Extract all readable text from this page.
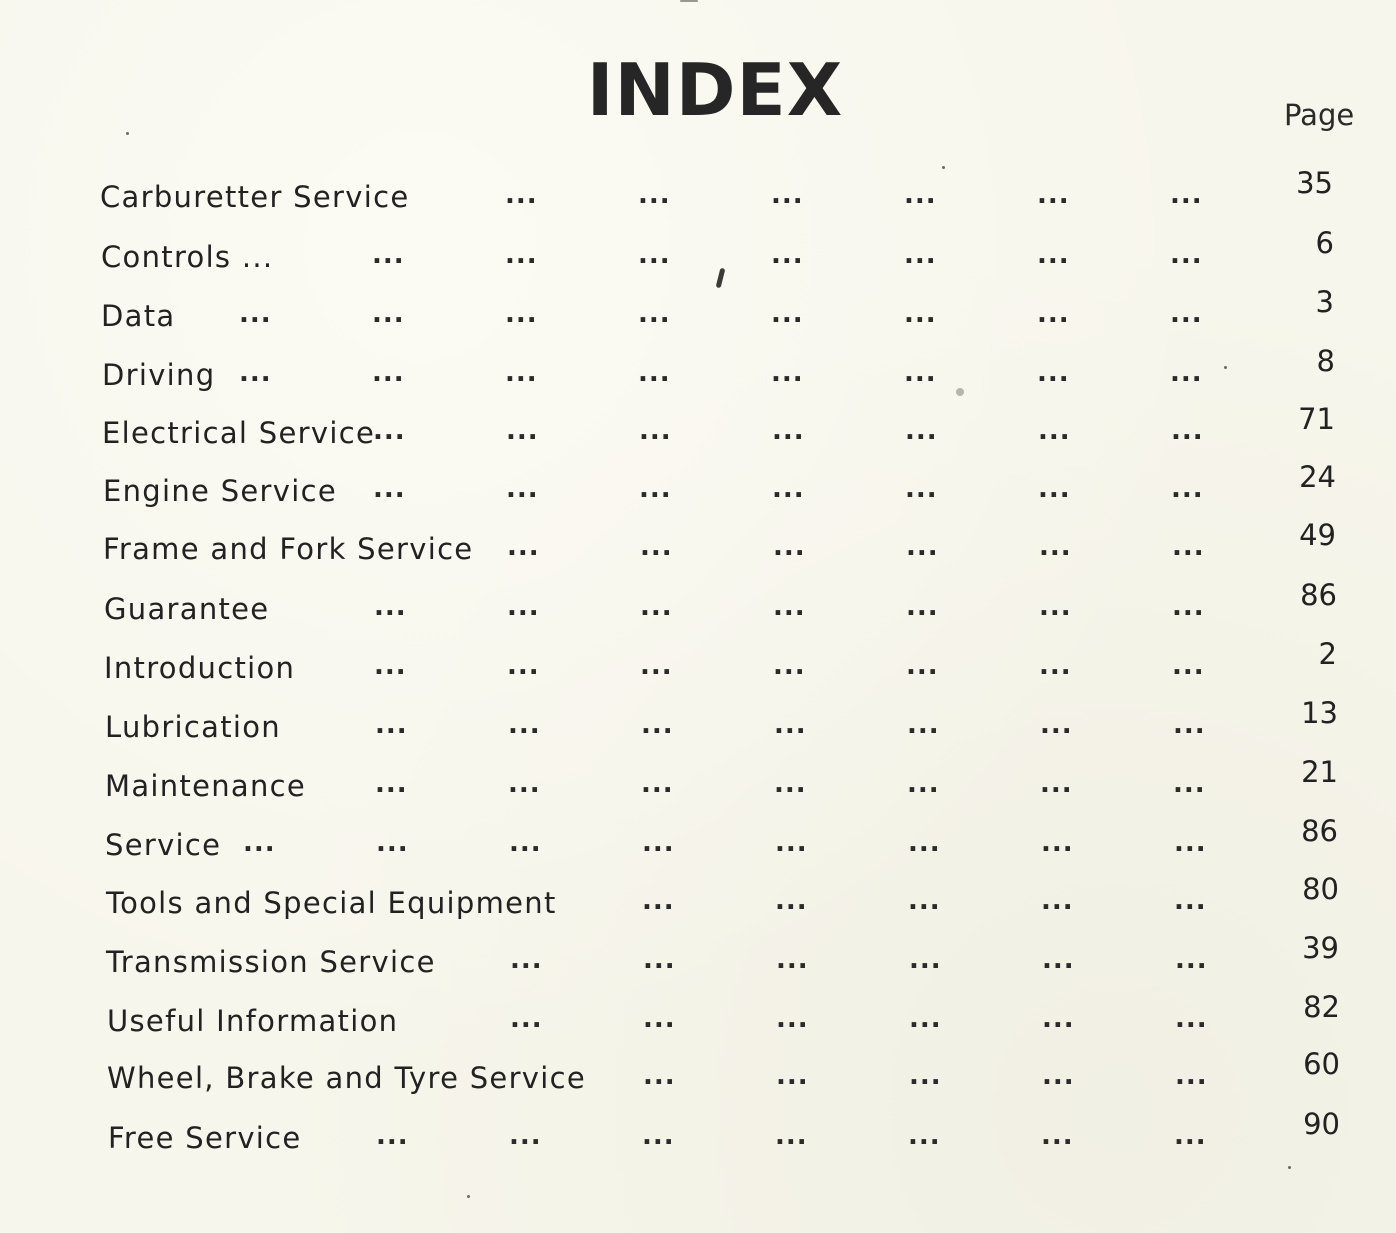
INDEX	Page
Carburetter Service	35
...	...	...	...	...	...
Controls ...	6
...	...	...	...	...	...	...
Data	3
...	...	...	...	...	...	...	...
Driving	8
...	...	...	...	...	...	...	...
Electrical Service	71
...	...	...	...	...	...	...
Engine Service	24
...	...	...	...	...	...	...
Frame and Fork Service	49
...	...	...	...	...	...
Guarantee	86
...	...	...	...	...	...	...
Introduction	2
...	...	...	...	...	...	...
Lubrication	13
...	...	...	...	...	...	...
Maintenance	21
...	...	...	...	...	...	...
Service	86
...	...	...	...	...	...	...	...
Tools and Special Equipment	80
...	...	...	...	...
Transmission Service	39
...	...	...	...	...	...
Useful Information	82
...	...	...	...	...	...
Wheel, Brake and Tyre Service	60
...	...	...	...	...
Free Service	90
...	...	...	...	...	...	...
